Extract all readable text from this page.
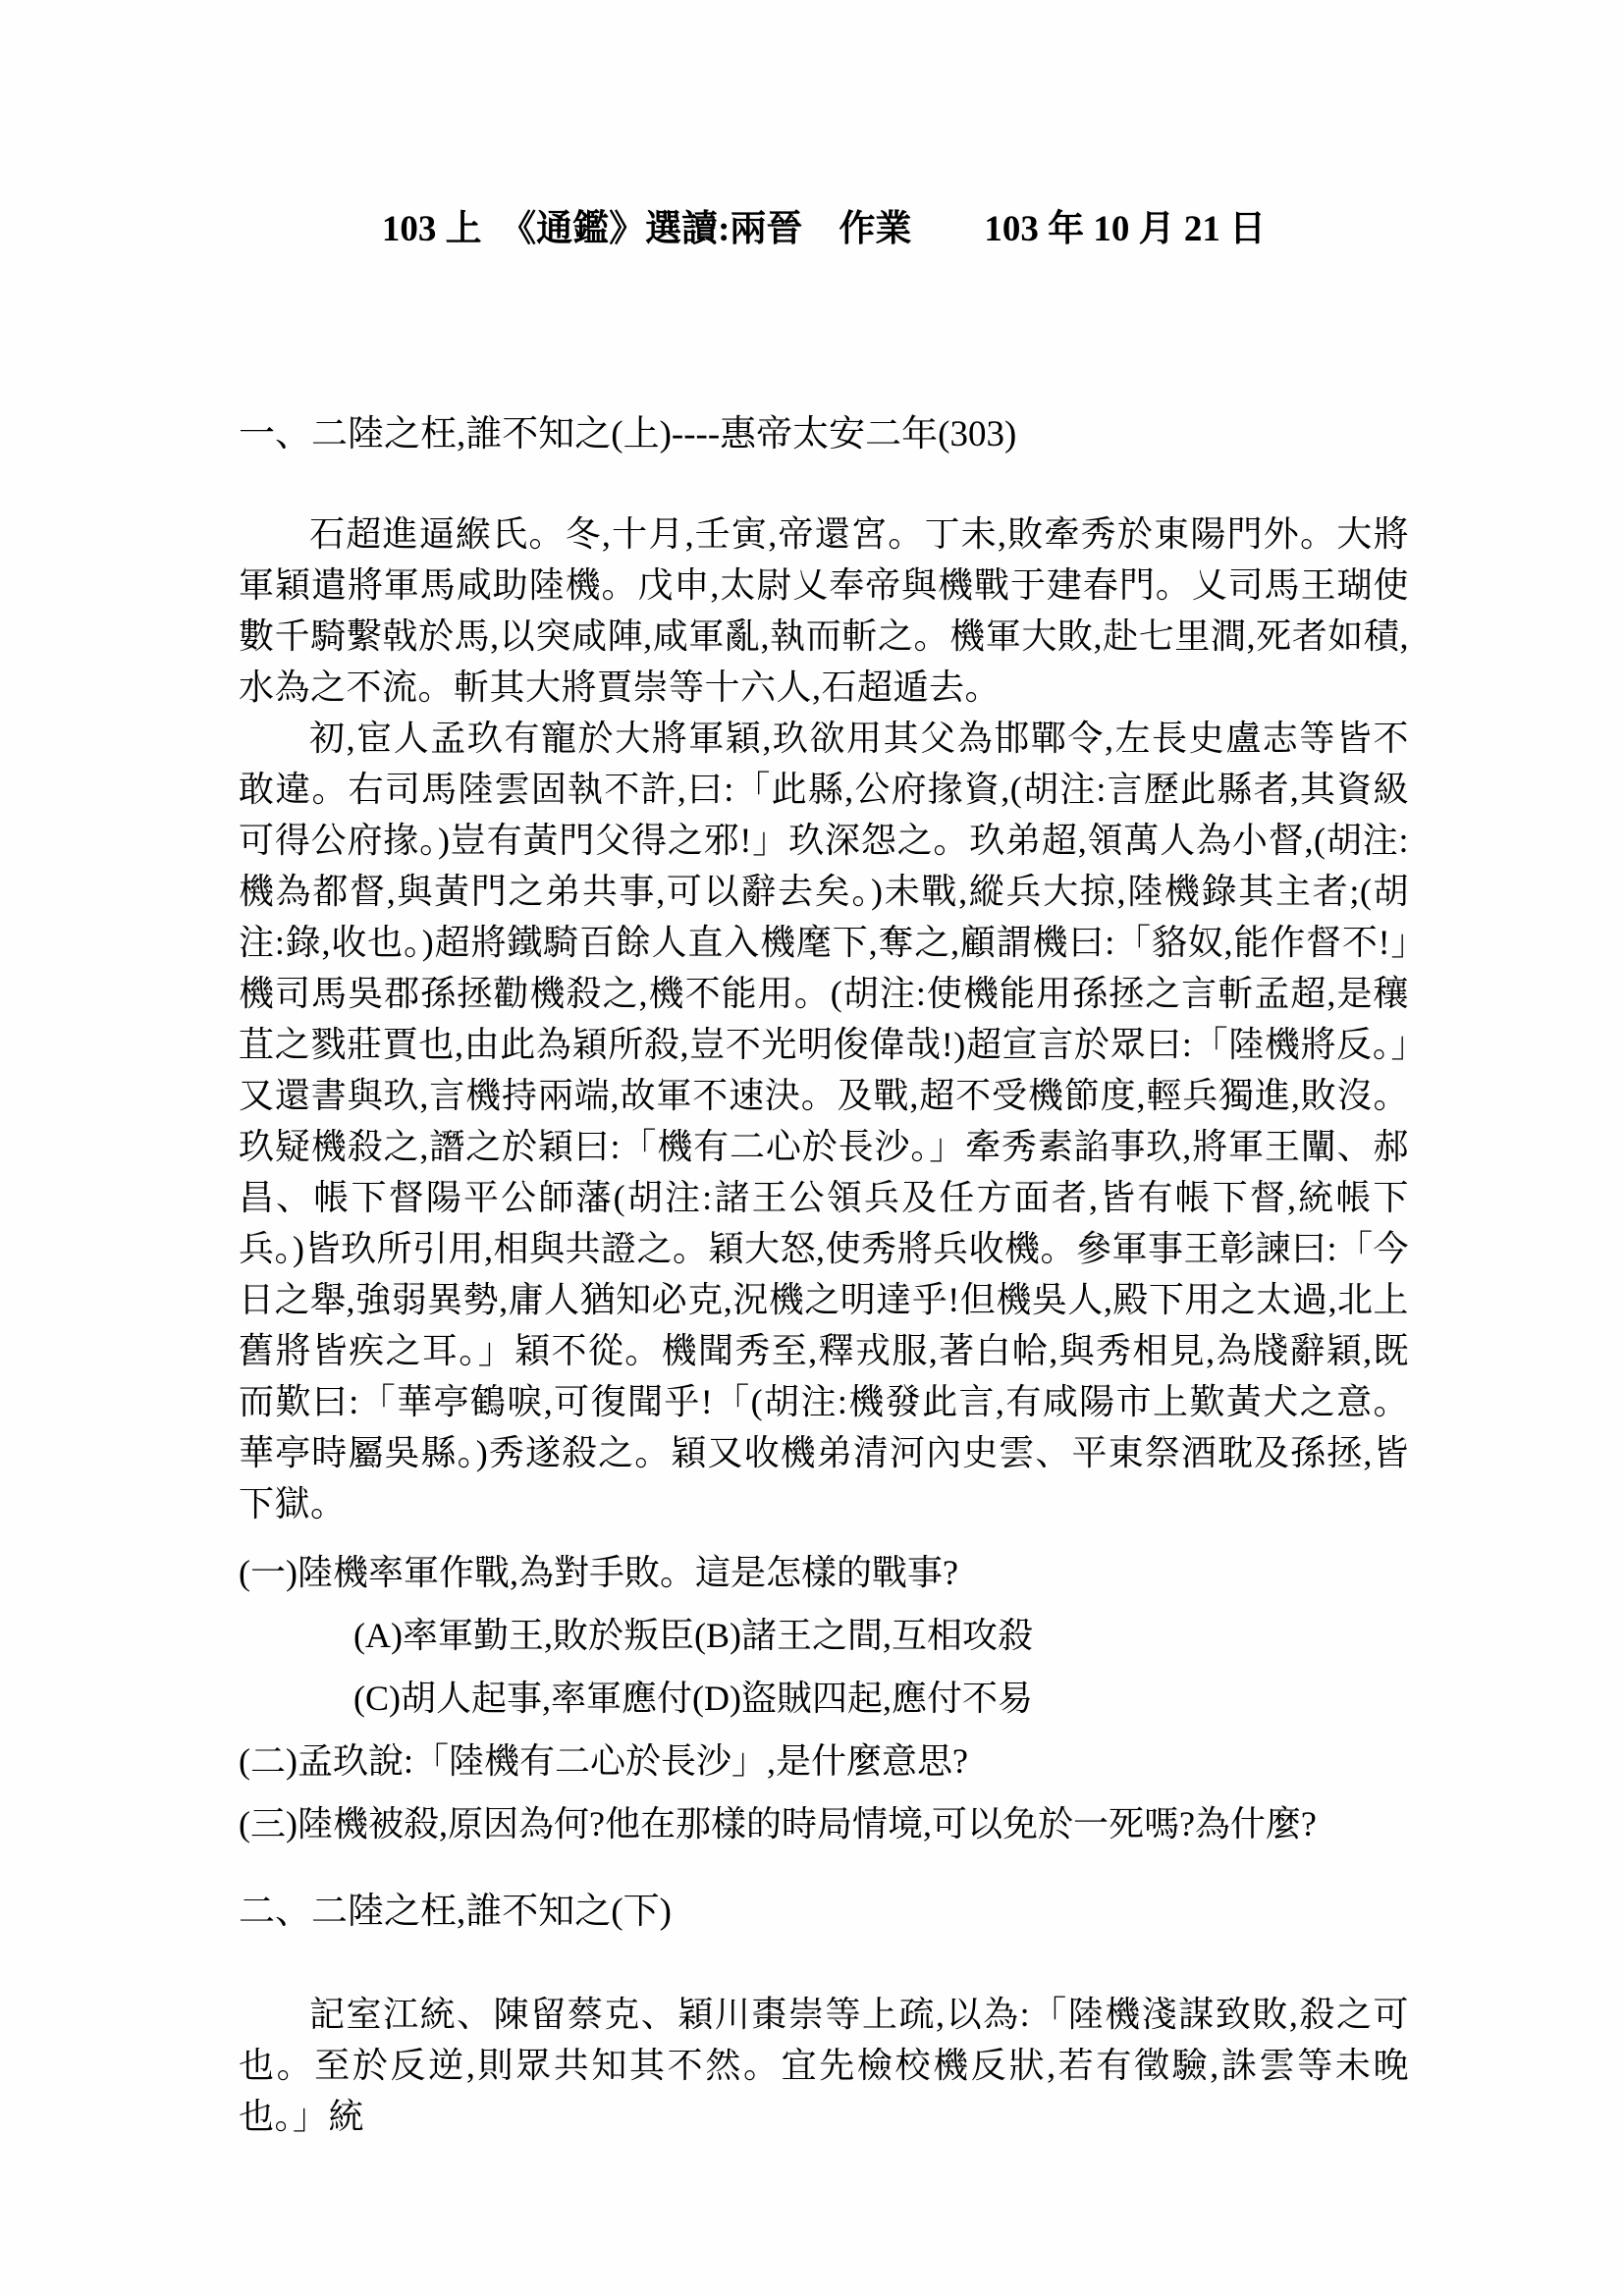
103 上　《通鑑》選讀:兩晉　作業　　103 年 10 月 21 日
一、二陸之枉,誰不知之(上)----惠帝太安二年(303)

石超進逼緱氏。冬,十月,壬寅,帝還宮。丁未,敗牽秀於東陽門外。大將軍穎遣將軍馬咸助陸機。戊申,太尉乂奉帝與機戰于建春門。乂司馬王瑚使數千騎繫戟於馬,以突咸陣,咸軍亂,執而斬之。機軍大敗,赴七里澗,死者如積,水為之不流。斬其大將賈崇等十六人,石超遁去。

初,宦人孟玖有寵於大將軍穎,玖欲用其父為邯鄲令,左長史盧志等皆不敢違。右司馬陸雲固執不許,曰:「此縣,公府掾資,(胡注:言歷此縣者,其資級可得公府掾。)豈有黃門父得之邪!」玖深怨之。玖弟超,領萬人為小督,(胡注:機為都督,與黃門之弟共事,可以辭去矣。)未戰,縱兵大掠,陸機錄其主者;(胡注:錄,收也。)超將鐵騎百餘人直入機麾下,奪之,顧謂機曰:「貉奴,能作督不!」機司馬吳郡孫拯勸機殺之,機不能用。(胡注:使機能用孫拯之言斬孟超,是穰苴之戮莊賈也,由此為穎所殺,豈不光明俊偉哉!)超宣言於眾曰:「陸機將反。」又還書與玖,言機持兩端,故軍不速決。及戰,超不受機節度,輕兵獨進,敗沒。玖疑機殺之,譖之於穎曰:「機有二心於長沙。」牽秀素諂事玖,將軍王闡、郝昌、帳下督陽平公師藩(胡注:諸王公領兵及任方面者,皆有帳下督,統帳下兵。)皆玖所引用,相與共證之。穎大怒,使秀將兵收機。參軍事王彰諫曰:「今日之舉,強弱異勢,庸人猶知必克,況機之明達乎!但機吳人,殿下用之太過,北上舊將皆疾之耳。」穎不從。機聞秀至,釋戎服,著白帢,與秀相見,為牋辭穎,既而歎曰:「華亭鶴唳,可復聞乎!「(胡注:機發此言,有咸陽市上歎黃犬之意。華亭時屬吳縣。)秀遂殺之。穎又收機弟清河內史雲、平東祭酒耽及孫拯,皆下獄。

(一)陸機率軍作戰,為對手敗。這是怎樣的戰事?
(A)率軍勤王,敗於叛臣(B)諸王之間,互相攻殺
(C)胡人起事,率軍應付(D)盜賊四起,應付不易
(二)孟玖說:「陸機有二心於長沙」,是什麼意思?
(三)陸機被殺,原因為何?他在那樣的時局情境,可以免於一死嗎?為什麼?
二、二陸之枉,誰不知之(下)

記室江統、陳留蔡克、穎川棗崇等上疏,以為:「陸機淺謀致敗,殺之可也。至於反逆,則眾共知其不然。宜先檢校機反狀,若有徵驗,誅雲等未晚也。」統
